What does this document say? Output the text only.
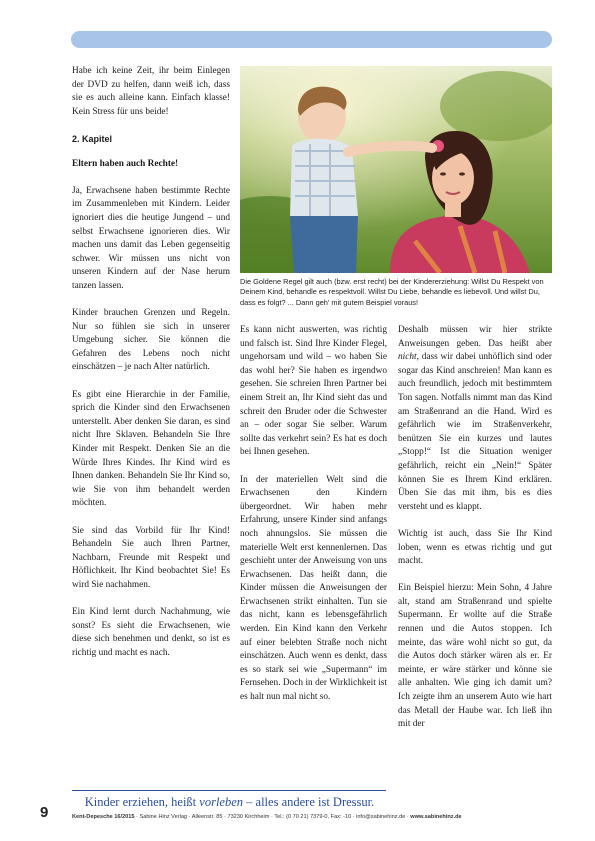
Habe ich keine Zeit, ihr beim Einlegen der DVD zu helfen, dann weiß ich, dass sie es auch alleine kann. Einfach klasse! Kein Stress für uns beide!

2. Kapitel

Eltern haben auch Rechte!

Ja, Erwachsene haben bestimmte Rechte im Zusammenleben mit Kindern. Leider ignoriert dies die heutige Jungend – und selbst Erwachsene ignorieren dies. Wir machen uns damit das Leben gegenseitig schwer. Wir müssen uns nicht von unseren Kindern auf der Nase herum tanzen lassen.

Kinder brauchen Grenzen und Regeln. Nur so fühlen sie sich in unserer Umgebung sicher. Sie können die Gefahren des Lebens noch nicht einschätzen – je nach Alter natürlich.

Es gibt eine Hierarchie in der Familie, sprich die Kinder sind den Erwachsenen unterstellt. Aber denken Sie daran, es sind nicht Ihre Sklaven. Behandeln Sie Ihre Kinder mit Respekt. Denken Sie an die Würde Ihres Kindes. Ihr Kind wird es Ihnen danken. Behandeln Sie Ihr Kind so, wie Sie von ihm behandelt werden möchten.

Sie sind das Vorbild für Ihr Kind! Behandeln Sie auch Ihren Partner, Nachbarn, Freunde mit Respekt und Höflichkeit. Ihr Kind beobachtet Sie! Es wird Sie nachahmen.

Ein Kind lernt durch Nachahmung, wie sonst? Es sieht die Erwachsenen, wie diese sich benehmen und denkt, so ist es richtig und macht es nach.

Die Goldene Regel gilt auch (bzw. erst recht) bei der Kindererziehung: Willst Du Respekt von Deinem Kind, behandle es respektvoll. Willst Du Liebe, behandle es liebevoll. Und willst Du, dass es folgt? ... Dann geh' mit gutem Beispiel voraus!

Es kann nicht auswerten, was richtig und falsch ist. Sind Ihre Kinder Flegel, ungehorsam und wild – wo haben Sie das wohl her? Sie haben es irgendwo gesehen. Sie schreien Ihren Partner bei einem Streit an, Ihr Kind sieht das und schreit den Bruder oder die Schwester an – oder sogar Sie selber. Warum sollte das verkehrt sein? Es hat es doch bei Ihnen gesehen.

In der materiellen Welt sind die Erwachsenen den Kindern übergeordnet. Wir haben mehr Erfahrung, unsere Kinder sind anfangs noch ahnungslos. Sie müssen die materielle Welt erst kennenlernen. Das geschieht unter der Anweisung von uns Erwachsenen. Das heißt dann, die Kinder müssen die Anweisungen der Erwachsenen strikt einhalten. Tun sie das nicht, kann es lebensgefährlich werden. Ein Kind kann den Verkehr auf einer belebten Straße noch nicht einschätzen. Auch wenn es denkt, dass es so stark sei wie „Supermann“ im Fernsehen. Doch in der Wirklichkeit ist es halt nun mal nicht so.

Deshalb müssen wir hier strikte Anweisungen geben. Das heißt aber nicht, dass wir dabei unhöflich sind oder sogar das Kind anschreien! Man kann es auch freundlich, jedoch mit bestimmtem Ton sagen. Notfalls nimmt man das Kind am Straßenrand an die Hand. Wird es gefährlich wie im Straßenverkehr, benützen Sie ein kurzes und lautes „Stopp!“ Ist die Situation weniger gefährlich, reicht ein „Nein!“ Später können Sie es Ihrem Kind erklären. Üben Sie das mit ihm, bis es dies versteht und es klappt.

Wichtig ist auch, dass Sie Ihr Kind loben, wenn es etwas richtig und gut macht.

Ein Beispiel hierzu: Mein Sohn, 4 Jahre alt, stand am Straßenrand und spielte Supermann. Er wollte auf die Straße rennen und die Autos stoppen. Ich meinte, das wäre wohl nicht so gut, da die Autos doch stärker wären als er. Er meinte, er wäre stärker und könne sie alle anhalten. Wie ging ich damit um? Ich zeigte ihm an unserem Auto wie hart das Metall der Haube war. Ich ließ ihn mit der

Kinder erziehen, heißt vorleben – alles andere ist Dressur.
9	Kent-Depesche 16/2015 · Sabine Hinz Verlag · Alleenstr. 85 · 73230 Kirchheim · Tel.: (0 70 21) 7379-0, Fax: -10 · info@sabinehinz.de · www.sabinehinz.de
